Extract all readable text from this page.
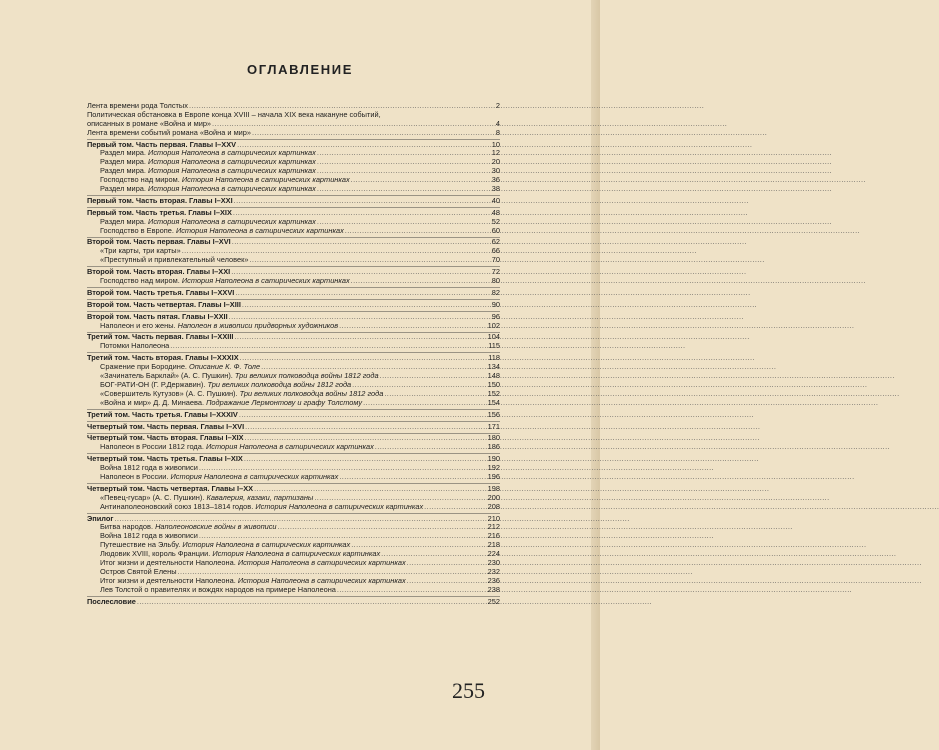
ОГЛАВЛЕНИЕ
Лента времени рода Толстых .....	2
Политическая обстановка в Европе конца XVIII – начала XIX века накануне событий,
описанных в романе «Война и мир» .....	4
Лента времени событий романа «Война и мир» .....	8
Первый том. Часть первая. Главы I–XXV .....	10
Раздел мира. История Наполеона в сатирических картинках .....	12
Раздел мира. История Наполеона в сатирических картинках .....	20
Раздел мира. История Наполеона в сатирических картинках .....	30
Господство над миром. История Наполеона в сатирических картинках .....	36
Раздел мира. История Наполеона в сатирических картинках .....	38
Первый том. Часть вторая. Главы I–XXI .....	40
Первый том. Часть третья. Главы I–XIX .....	48
Раздел мира. История Наполеона в сатирических картинках .....	52
Господство в Европе. История Наполеона в сатирических картинках .....	60
Второй том. Часть первая. Главы I–XVI .....	62
«Три карты, три карты» .....	66
«Преступный и привлекательный человек» .....	70
Второй том. Часть вторая. Главы I–XXI .....	72
Господство над миром. История Наполеона в сатирических картинках .....	80
Второй том. Часть третья. Главы I–XXVI .....	82
Второй том. Часть четвертая. Главы I–XIII .....	90
Второй том. Часть пятая. Главы I–XXII .....	96
Наполеон и его жены. Наполеон в живописи придворных художников .....	102
Третий том. Часть первая. Главы I–XXIII .....	104
Потомки Наполеона .....	115
Третий том. Часть вторая. Главы I–XXXIX .....	118
Сражение при Бородине. Описание К. Ф. Толе .....	134
«Зачинатель Барклай» (А. С. Пушкин). Три великих полководца войны 1812 года .....	148
БОГ-РАТИ-ОН (Г. Р.Державин). Три великих полководца войны 1812 года .....	150
«Совершитель Кутузов» (А. С. Пушкин). Три великих полководца войны 1812 года .....	152
«Война и мир» Д. Д. Минаева. Подражание Лермонтову и графу Толстому .....	154
Третий том. Часть третья. Главы I–XXXIV .....	156
Четвертый том. Часть первая. Главы I–XVI .....	171
Четвертый том. Часть вторая. Главы I–XIX .....	180
Наполеон в России 1812 года. История Наполеона в сатирических картинках .....	186
Четвертый том. Часть третья. Главы I–XIX .....	190
Война 1812 года в живописи .....	192
Наполеон в России. История Наполеона в сатирических картинках .....	196
Четвертый том. Часть четвертая. Главы I–XX .....	198
«Певец-гусар» (А. С. Пушкин). Кавалерия, казаки, партизаны .....	200
Антинаполеоновский союз 1813–1814 годов. История Наполеона в сатирических картинках .....	208
Эпилог .....	210
Битва народов. Наполеоновские войны в живописи .....	212
Война 1812 года в живописи .....	216
Путешествие на Эльбу. История Наполеона в сатирических картинках .....	218
Людовик XVIII, король Франции. История Наполеона в сатирических картинках .....	224
Итог жизни и деятельности Наполеона. История Наполеона в сатирических картинках .....	230
Остров Святой Елены .....	232
Итог жизни и деятельности Наполеона. История Наполеона в сатирических картинках .....	236
Лев Толстой о правителях и вождях народов на примере Наполеона .....	238
Послесловие .....	252
255
